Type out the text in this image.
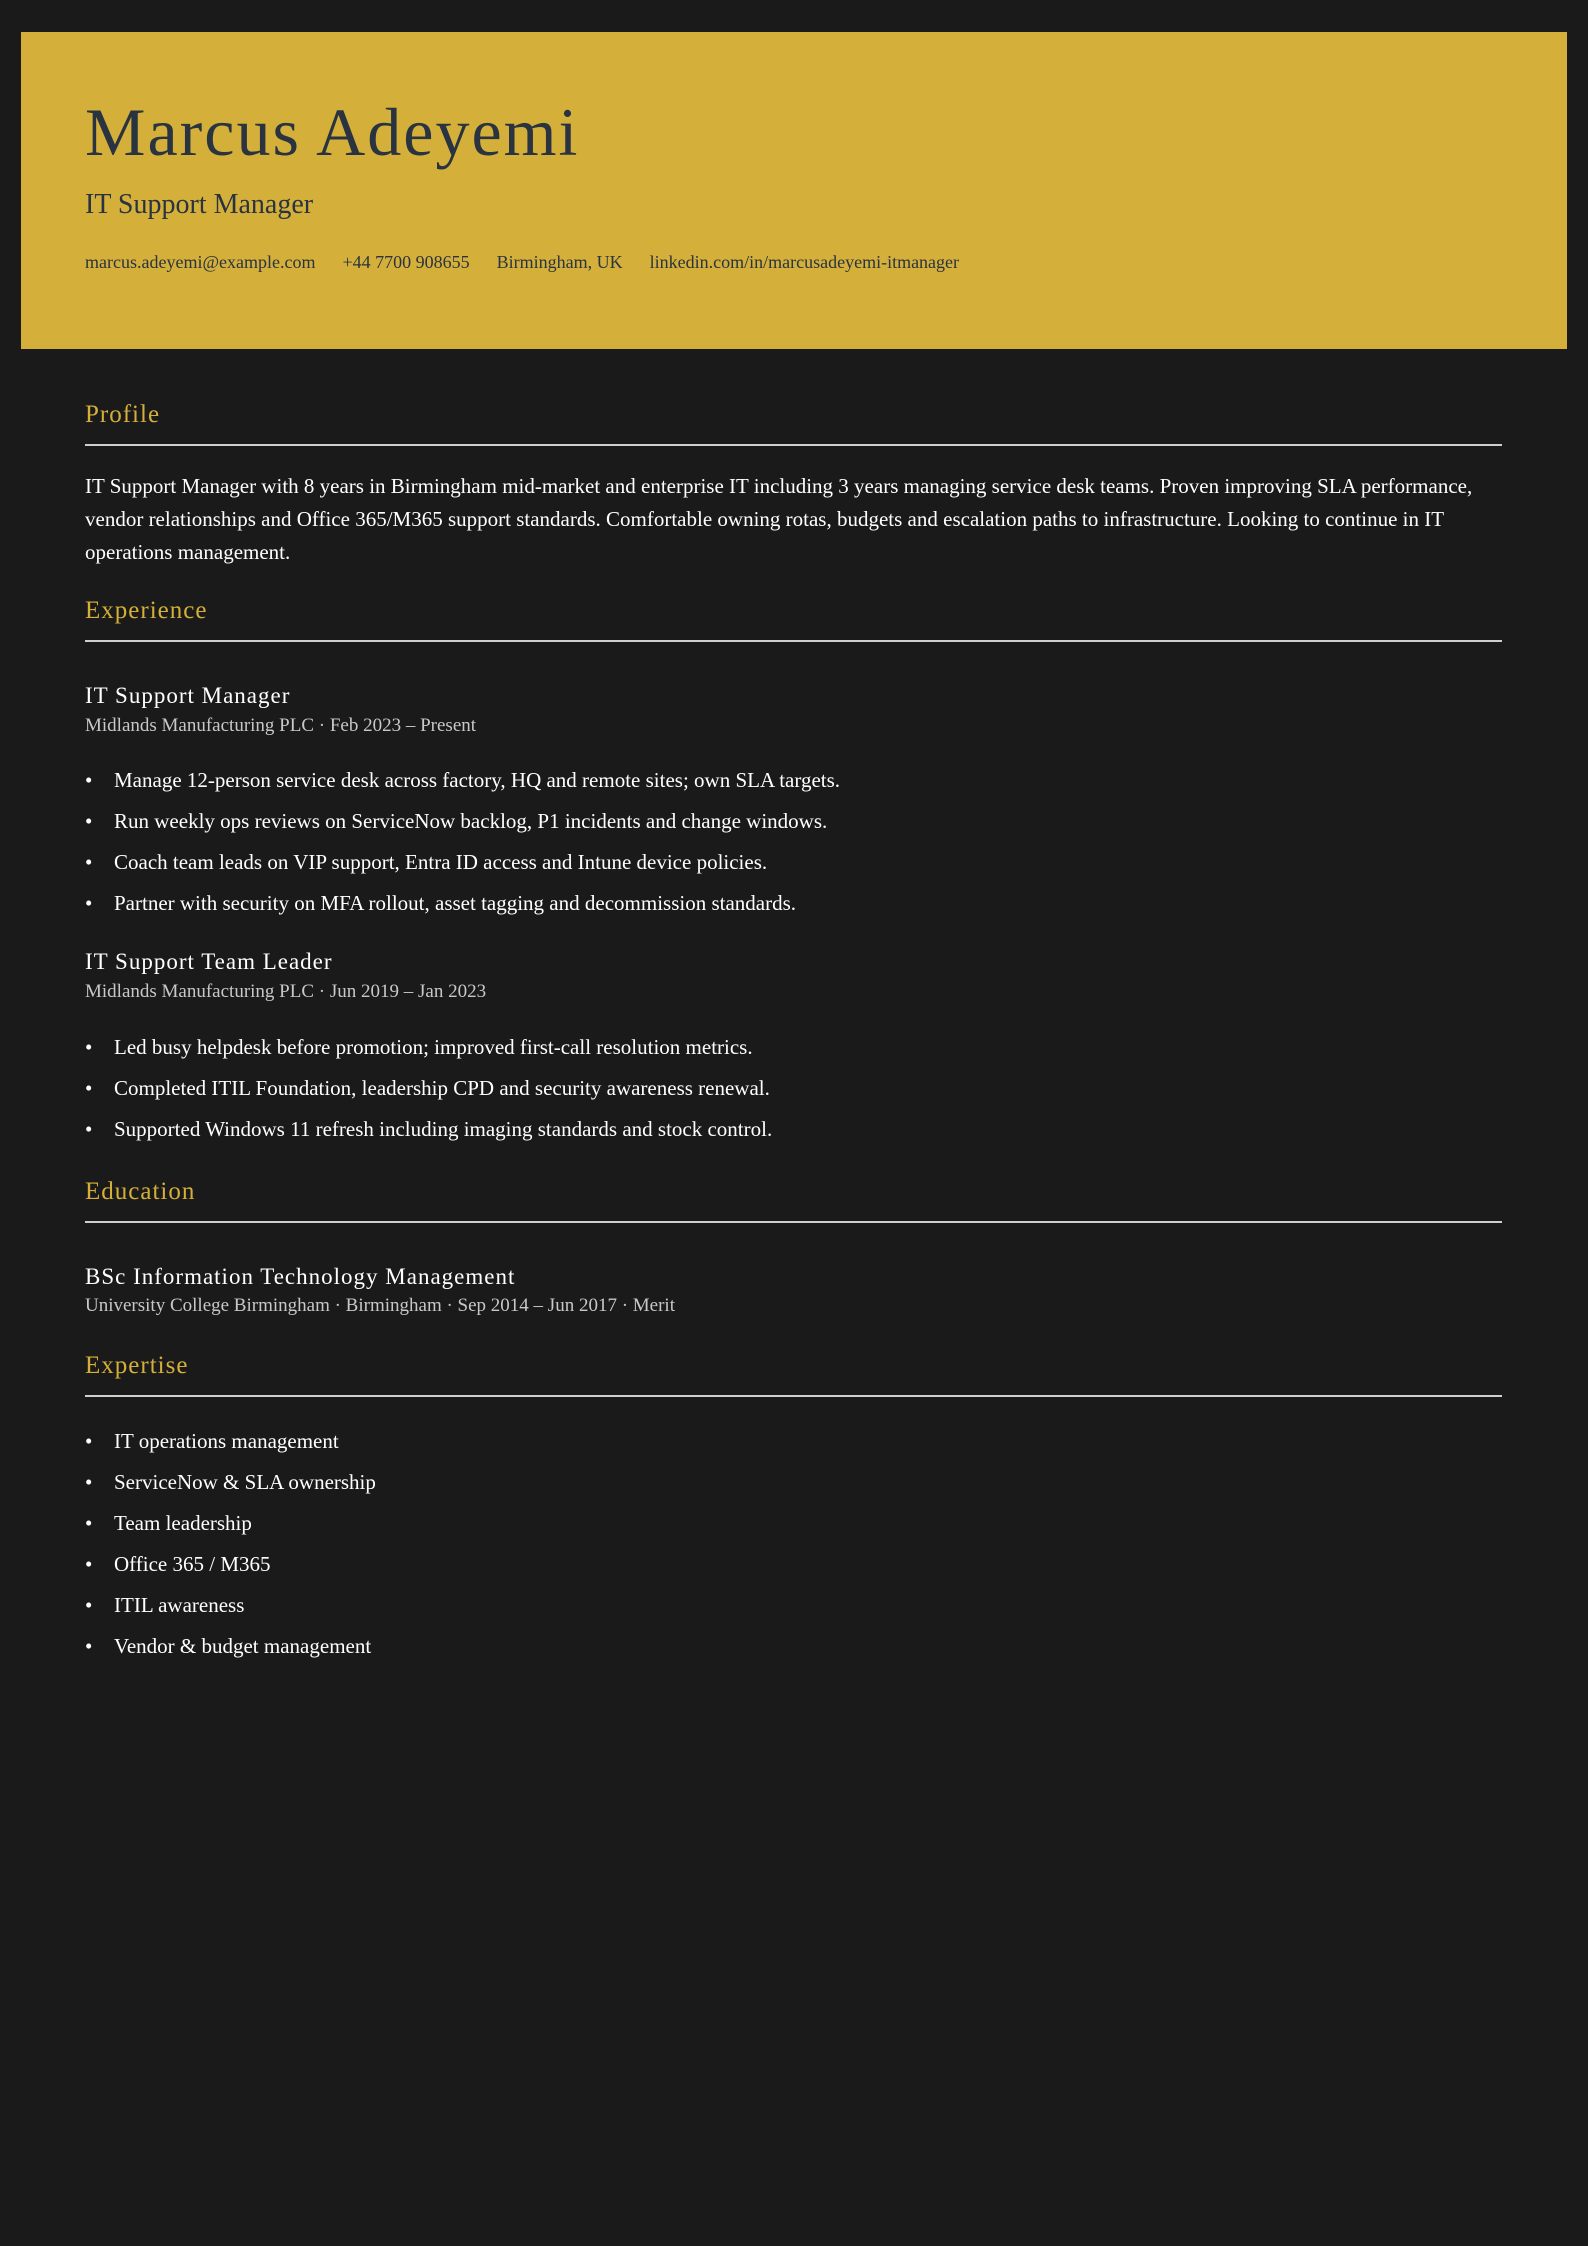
Marcus Adeyemi
IT Support Manager
marcus.adeyemi@example.com +44 7700 908655 Birmingham, UK linkedin.com/in/marcusadeyemi-itmanager
Profile

IT Support Manager with 8 years in Birmingham mid-market and enterprise IT including 3 years managing service desk teams. Proven improving SLA performance, vendor relationships and Office 365/M365 support standards. Comfortable owning rotas, budgets and escalation paths to infrastructure. Looking to continue in IT operations management.

Experience
IT Support Manager
Midlands Manufacturing PLC · Feb 2023 – Present
• Manage 12-person service desk across factory, HQ and remote sites; own SLA targets.
• Run weekly ops reviews on ServiceNow backlog, P1 incidents and change windows.
• Coach team leads on VIP support, Entra ID access and Intune device policies.
• Partner with security on MFA rollout, asset tagging and decommission standards.
IT Support Team Leader
Midlands Manufacturing PLC · Jun 2019 – Jan 2023
• Led busy helpdesk before promotion; improved first-call resolution metrics.
• Completed ITIL Foundation, leadership CPD and security awareness renewal.
• Supported Windows 11 refresh including imaging standards and stock control.
Education
BSc Information Technology Management
University College Birmingham · Birmingham · Sep 2014 – Jun 2017 · Merit
Expertise
• IT operations management
• ServiceNow & SLA ownership
• Team leadership
• Office 365 / M365
• ITIL awareness
• Vendor & budget management
